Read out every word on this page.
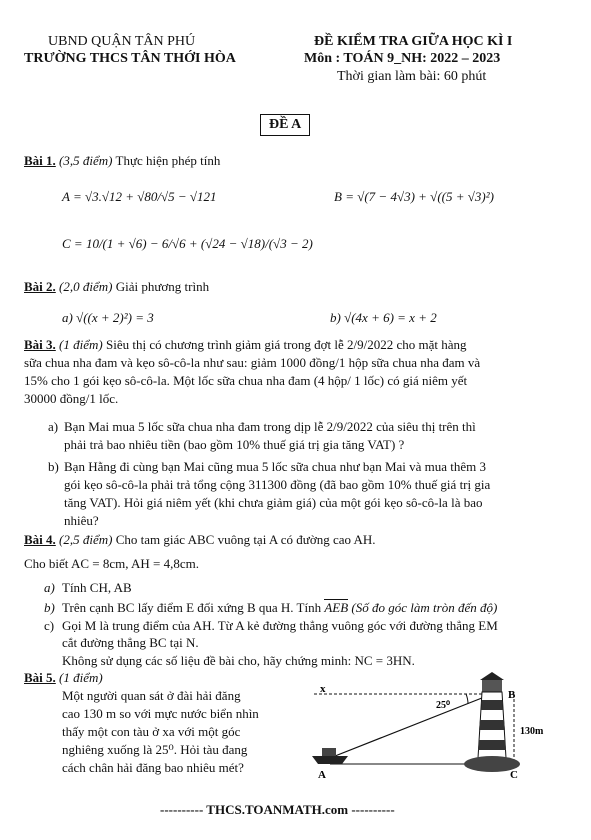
UBND QUẬN TÂN PHÚ
TRƯỜNG THCS TÂN THỚI HÒA
ĐỀ KIỂM TRA GIỮA HỌC KÌ I
Môn : TOÁN 9_NH: 2022 – 2023
Thời gian làm bài: 60 phút
ĐỀ A
Bài 1. (3,5 điểm) Thực hiện phép tính
A = √3.√12 + √80/√5 − √121	B = √(7 − 4√3) + √((5 + √3)²)
C = 10/(1 + √6) − 6/√6 + (√24 − √18)/(√3 − 2)
Bài 2. (2,0 điểm) Giải phương trình
a) √((x + 2)²) = 3	b) √(4x + 6) = x + 2
Bài 3. (1 điểm) Siêu thị có chương trình giảm giá trong đợt lễ 2/9/2022 cho mặt hàng
sữa chua nha đam và kẹo sô-cô-la như sau: giảm 1000 đồng/1 hộp sữa chua nha đam và
15% cho 1 gói kẹo sô-cô-la. Một lốc sữa chua nha đam (4 hộp/ 1 lốc) có giá niêm yết
30000 đồng/1 lốc.
a) Bạn Mai mua 5 lốc sữa chua nha đam trong dịp lễ 2/9/2022 của siêu thị trên thì
phải trả bao nhiêu tiền (bao gồm 10% thuế giá trị gia tăng VAT) ?
b) Bạn Hằng đi cùng bạn Mai cũng mua 5 lốc sữa chua như bạn Mai và mua thêm 3
gói kẹo sô-cô-la phải trả tổng cộng 311300 đồng (đã bao gồm 10% thuế giá trị gia
tăng VAT). Hỏi giá niêm yết (khi chưa giảm giá) của một gói kẹo sô-cô-la là bao
nhiêu?
Bài 4. (2,5 điểm) Cho tam giác ABC vuông tại A có đường cao AH.
Cho biết AC = 8cm, AH = 4,8cm.
a) Tính CH, AB
b) Trên cạnh BC lấy điểm E đối xứng B qua H. Tính AEB (Số đo góc làm tròn đến độ)
c) Gọi M là trung điểm của AH. Từ A kẻ đường thẳng vuông góc với đường thẳng EM
cắt đường thẳng BC tại N.
Không sử dụng các số liệu đề bài cho, hãy chứng minh: NC = 3HN.
Bài 5. (1 điểm)
Một người quan sát ở đài hải đăng
cao 130 m so với mực nước biển nhìn
thấy một con tàu ở xa với một góc
nghiêng xuống là 25⁰. Hỏi tàu đang
cách chân hải đăng bao nhiêu mét?
x	B
25⁰
130m
A	C
---------- THCS.TOANMATH.com ----------
